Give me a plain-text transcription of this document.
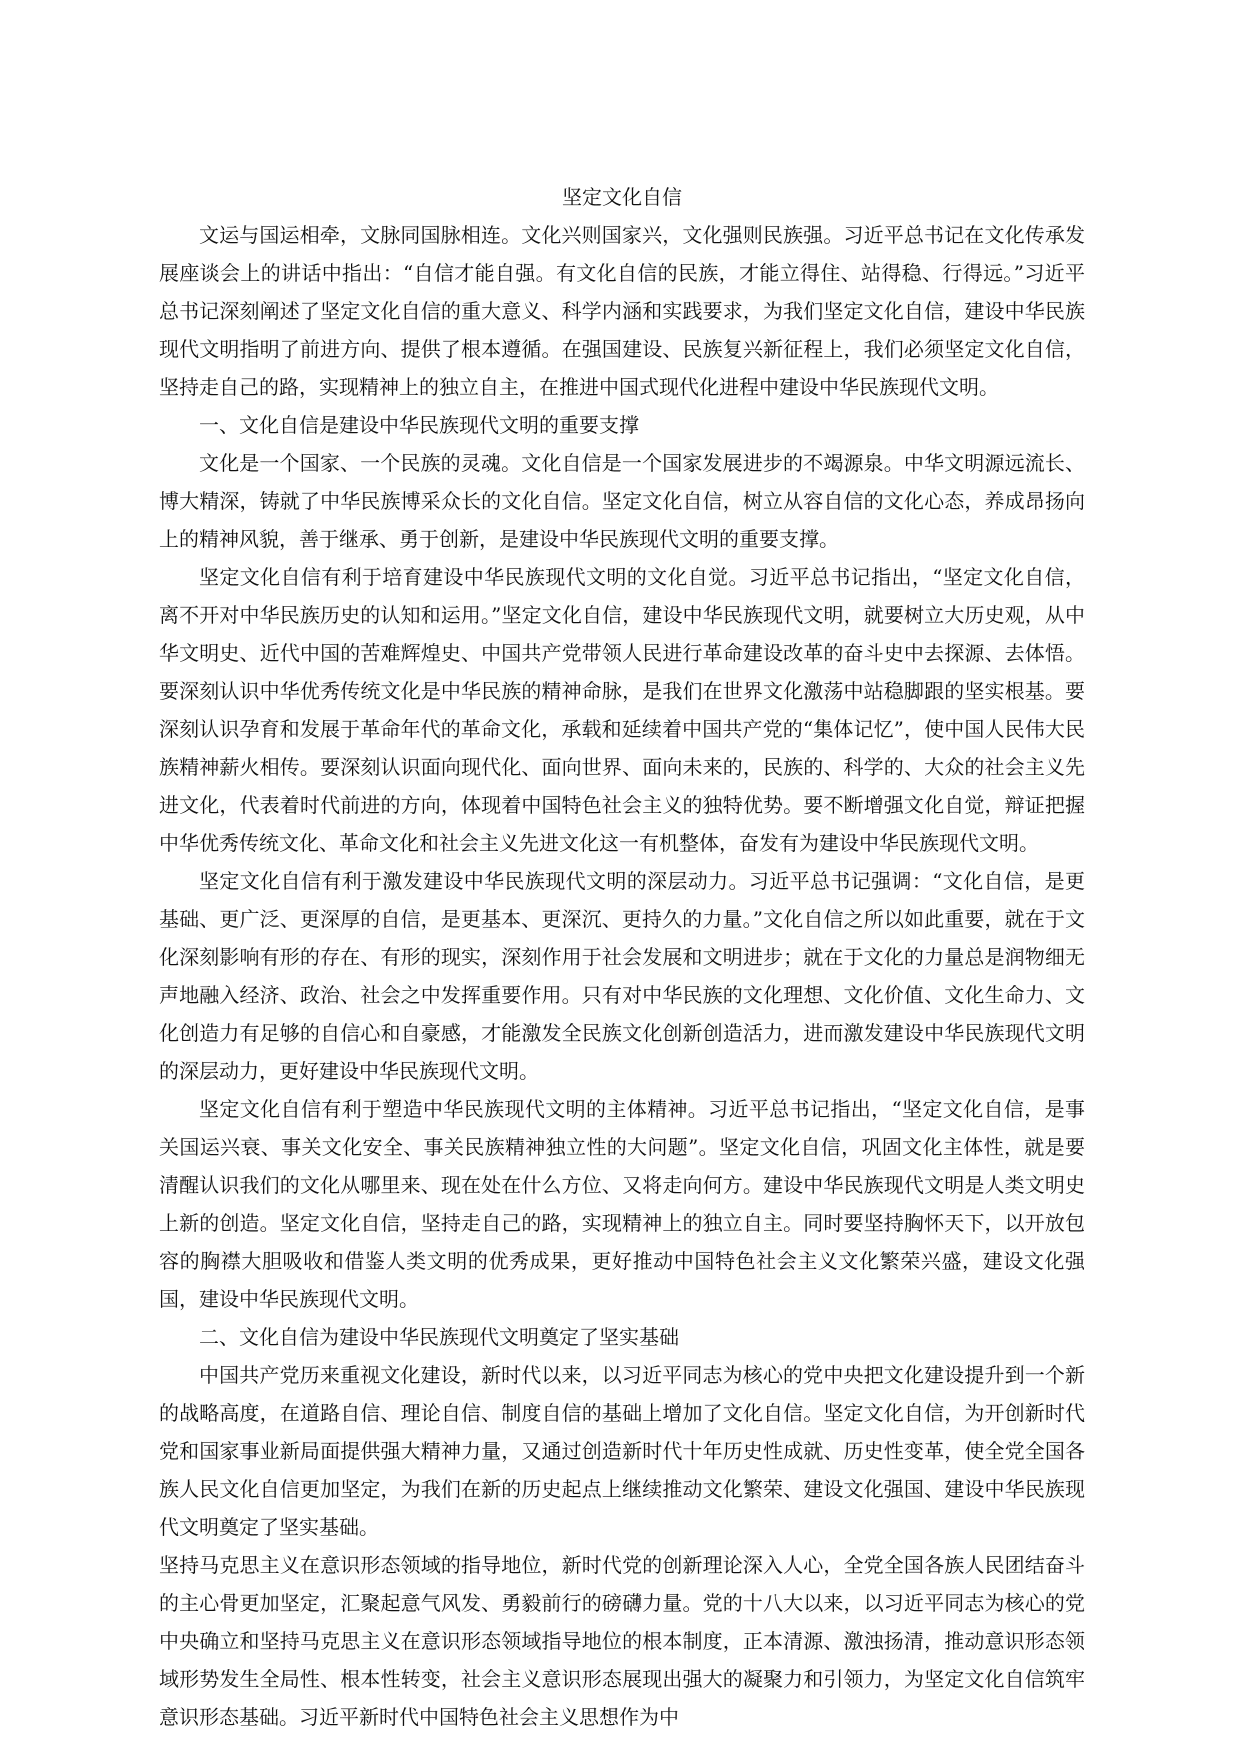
坚定文化自信

文运与国运相牵，文脉同国脉相连。文化兴则国家兴，文化强则民族强。习近平总书记在文化传承发展座谈会上的讲话中指出：“自信才能自强。有文化自信的民族，才能立得住、站得稳、行得远。”习近平总书记深刻阐述了坚定文化自信的重大意义、科学内涵和实践要求，为我们坚定文化自信，建设中华民族现代文明指明了前进方向、提供了根本遵循。在强国建设、民族复兴新征程上，我们必须坚定文化自信，坚持走自己的路，实现精神上的独立自主，在推进中国式现代化进程中建设中华民族现代文明。

一、文化自信是建设中华民族现代文明的重要支撑

文化是一个国家、一个民族的灵魂。文化自信是一个国家发展进步的不竭源泉。中华文明源远流长、博大精深，铸就了中华民族博采众长的文化自信。坚定文化自信，树立从容自信的文化心态，养成昂扬向上的精神风貌，善于继承、勇于创新，是建设中华民族现代文明的重要支撑。

坚定文化自信有利于培育建设中华民族现代文明的文化自觉。习近平总书记指出，“坚定文化自信，离不开对中华民族历史的认知和运用。”坚定文化自信，建设中华民族现代文明，就要树立大历史观，从中华文明史、近代中国的苦难辉煌史、中国共产党带领人民进行革命建设改革的奋斗史中去探源、去体悟。要深刻认识中华优秀传统文化是中华民族的精神命脉，是我们在世界文化激荡中站稳脚跟的坚实根基。要深刻认识孕育和发展于革命年代的革命文化，承载和延续着中国共产党的“集体记忆”，使中国人民伟大民族精神薪火相传。要深刻认识面向现代化、面向世界、面向未来的，民族的、科学的、大众的社会主义先进文化，代表着时代前进的方向，体现着中国特色社会主义的独特优势。要不断增强文化自觉，辩证把握中华优秀传统文化、革命文化和社会主义先进文化这一有机整体，奋发有为建设中华民族现代文明。

坚定文化自信有利于激发建设中华民族现代文明的深层动力。习近平总书记强调：“文化自信，是更基础、更广泛、更深厚的自信，是更基本、更深沉、更持久的力量。”文化自信之所以如此重要，就在于文化深刻影响有形的存在、有形的现实，深刻作用于社会发展和文明进步；就在于文化的力量总是润物细无声地融入经济、政治、社会之中发挥重要作用。只有对中华民族的文化理想、文化价值、文化生命力、文化创造力有足够的自信心和自豪感，才能激发全民族文化创新创造活力，进而激发建设中华民族现代文明的深层动力，更好建设中华民族现代文明。

坚定文化自信有利于塑造中华民族现代文明的主体精神。习近平总书记指出，“坚定文化自信，是事关国运兴衰、事关文化安全、事关民族精神独立性的大问题”。坚定文化自信，巩固文化主体性，就是要清醒认识我们的文化从哪里来、现在处在什么方位、又将走向何方。建设中华民族现代文明是人类文明史上新的创造。坚定文化自信，坚持走自己的路，实现精神上的独立自主。同时要坚持胸怀天下，以开放包容的胸襟大胆吸收和借鉴人类文明的优秀成果，更好推动中国特色社会主义文化繁荣兴盛，建设文化强国，建设中华民族现代文明。

二、文化自信为建设中华民族现代文明奠定了坚实基础

中国共产党历来重视文化建设，新时代以来，以习近平同志为核心的党中央把文化建设提升到一个新的战略高度，在道路自信、理论自信、制度自信的基础上增加了文化自信。坚定文化自信，为开创新时代党和国家事业新局面提供强大精神力量，又通过创造新时代十年历史性成就、历史性变革，使全党全国各族人民文化自信更加坚定，为我们在新的历史起点上继续推动文化繁荣、建设文化强国、建设中华民族现代文明奠定了坚实基础。

坚持马克思主义在意识形态领域的指导地位，新时代党的创新理论深入人心，全党全国各族人民团结奋斗的主心骨更加坚定，汇聚起意气风发、勇毅前行的磅礴力量。党的十八大以来，以习近平同志为核心的党中央确立和坚持马克思主义在意识形态领域指导地位的根本制度，正本清源、激浊扬清，推动意识形态领域形势发生全局性、根本性转变，社会主义意识形态展现出强大的凝聚力和引领力，为坚定文化自信筑牢意识形态基础。习近平新时代中国特色社会主义思想作为中
